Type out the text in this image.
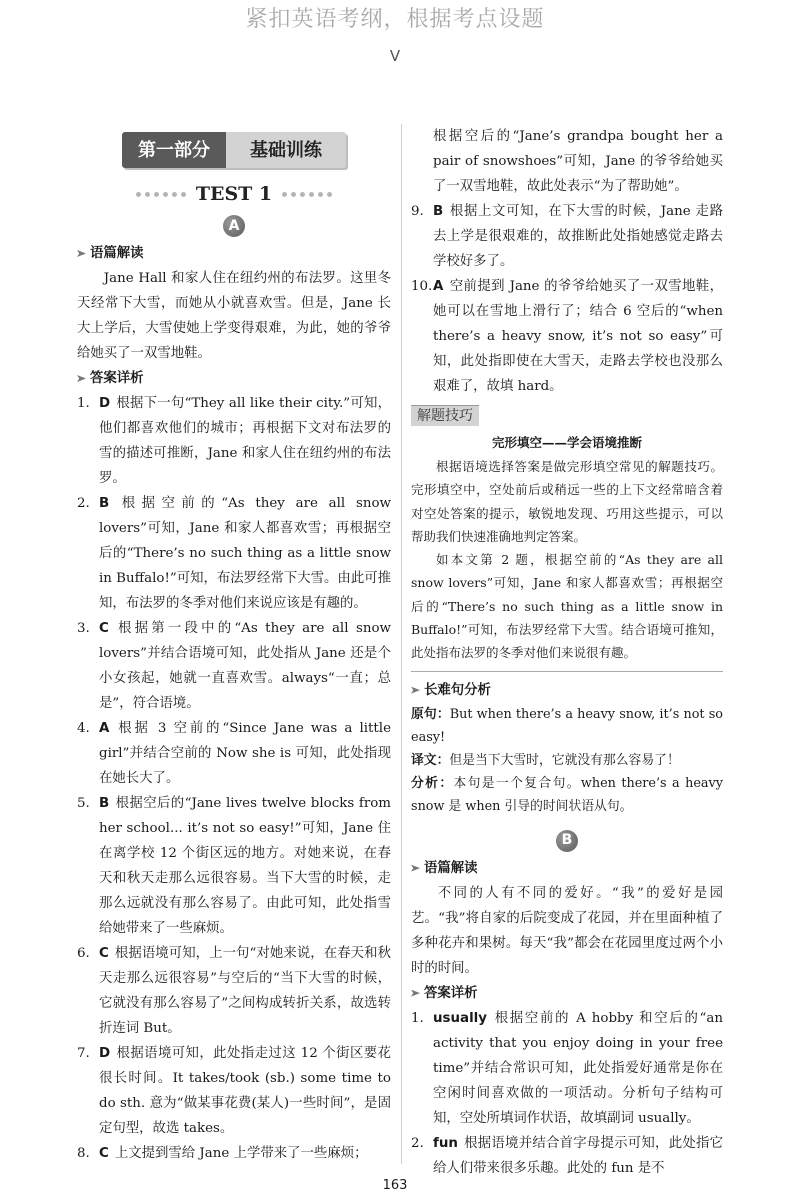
紧扣英语考纲，根据考点设题
V
第一部分	基础训练
TEST 1
A
语篇解读

Jane Hall 和家人住在纽约州的布法罗。这里冬天经常下大雪，而她从小就喜欢雪。但是，Jane 长大上学后，大雪使她上学变得艰难，为此，她的爷爷给她买了一双雪地鞋。

答案详析
1. D 根据下一句“They all like their city.”可知，他们都喜欢他们的城市；再根据下文对布法罗的雪的描述可推断，Jane 和家人住在纽约州的布法罗。
2. B 根据空前的“As they are all snow lovers”可知，Jane 和家人都喜欢雪；再根据空后的“There’s no such thing as a little snow in Buffalo!”可知，布法罗经常下大雪。由此可推知，布法罗的冬季对他们来说应该是有趣的。
3. C 根据第一段中的“As they are all snow lovers”并结合语境可知，此处指从 Jane 还是个小女孩起，她就一直喜欢雪。always“一直；总是”，符合语境。
4. A 根据 3 空前的“Since Jane was a little girl”并结合空前的 Now she is 可知，此处指现在她长大了。
5. B 根据空后的“Jane lives twelve blocks from her school... it’s not so easy!”可知，Jane 住在离学校 12 个街区远的地方。对她来说，在春天和秋天走那么远很容易。当下大雪的时候，走那么远就没有那么容易了。由此可知，此处指雪给她带来了一些麻烦。
6. C 根据语境可知，上一句“对她来说，在春天和秋天走那么远很容易”与空后的“当下大雪的时候，它就没有那么容易了”之间构成转折关系，故选转折连词 But。
7. D 根据语境可知，此处指走过这 12 个街区要花很长时间。It takes/took (sb.) some time to do sth. 意为“做某事花费(某人)一些时间”，是固定句型，故选 takes。
8. C 上文提到雪给 Jane 上学带来了一些麻烦；
根据空后的“Jane’s grandpa bought her a pair of snowshoes”可知，Jane 的爷爷给她买了一双雪地鞋，故此处表示“为了帮助她”。
9. B 根据上文可知，在下大雪的时候，Jane 走路去上学是很艰难的，故推断此处指她感觉走路去学校好多了。
10. A 空前提到 Jane 的爷爷给她买了一双雪地鞋，她可以在雪地上滑行了；结合 6 空后的“when there’s a heavy snow, it’s not so easy”可知，此处指即使在大雪天，走路去学校也没那么艰难了，故填 hard。
解题技巧
完形填空——学会语境推断

根据语境选择答案是做完形填空常见的解题技巧。完形填空中，空处前后或稍远一些的上下文经常暗含着对空处答案的提示，敏锐地发现、巧用这些提示，可以帮助我们快速准确地判定答案。

如本文第 2 题，根据空前的“As they are all snow lovers”可知，Jane 和家人都喜欢雪；再根据空后的“There’s no such thing as a little snow in Buffalo!”可知，布法罗经常下大雪。结合语境可推知，此处指布法罗的冬季对他们来说很有趣。

长难句分析

原句：But when there’s a heavy snow, it’s not so easy!

译文：但是当下大雪时，它就没有那么容易了！

分析：本句是一个复合句。when there’s a heavy snow 是 when 引导的时间状语从句。

B
语篇解读

不同的人有不同的爱好。“我”的爱好是园艺。“我”将自家的后院变成了花园，并在里面种植了多种花卉和果树。每天“我”都会在花园里度过两个小时的时间。

答案详析
1. usually 根据空前的 A hobby 和空后的“an activity that you enjoy doing in your free time”并结合常识可知，此处指爱好通常是你在空闲时间喜欢做的一项活动。分析句子结构可知，空处所填词作状语，故填副词 usually。
2. fun 根据语境并结合首字母提示可知，此处指它给人们带来很多乐趣。此处的 fun 是不
163
